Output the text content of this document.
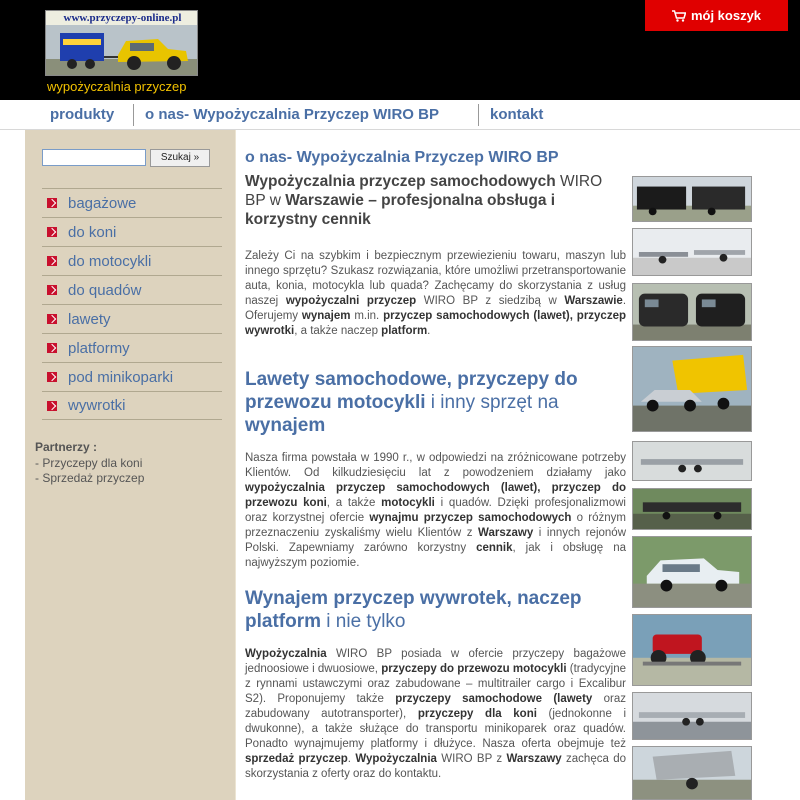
www.przyczepy-online.pl
wypożyczalnia przyczep
mój koszyk
produkty o nas- Wypożyczalnia Przyczep WIRO BP	kontakt
Szukaj »
bagażowe
do koni
do motocykli
do quadów
lawety
platformy
pod minikoparki
wywrotki
Partnerzy :
- Przyczepy dla koni
- Sprzedaż przyczep
o nas- Wypożyczalnia Przyczep WIRO BP
Wypożyczalnia przyczep samochodowych WIRO BP w Warszawie – profesjonalna obsługa i korzystny cennik
Zależy Ci na szybkim i bezpiecznym przewiezieniu towaru, maszyn lub innego sprzętu? Szukasz rozwiązania, które umożliwi przetransportowanie auta, konia, motocykla lub quada? Zachęcamy do skorzystania z usług naszej wypożyczalni przyczep WIRO BP z siedzibą w Warszawie. Oferujemy wynajem m.in. przyczep samochodowych (lawet), przyczep wywrotki, a także naczep platform.
Lawety samochodowe, przyczepy do przewozu motocykli i inny sprzęt na wynajem
Nasza firma powstała w 1990 r., w odpowiedzi na zróżnicowane potrzeby Klientów. Od kilkudziesięciu lat z powodzeniem działamy jako wypożyczalnia przyczep samochodowych (lawet), przyczep do przewozu koni, a także motocykli i quadów. Dzięki profesjonalizmowi oraz korzystnej ofercie wynajmu przyczep samochodowych o różnym przeznaczeniu zyskaliśmy wielu Klientów z Warszawy i innych rejonów Polski. Zapewniamy zarówno korzystny cennik, jak i obsługę na najwyższym poziomie.
Wynajem przyczep wywrotek, naczep platform i nie tylko
Wypożyczalnia WIRO BP posiada w ofercie przyczepy bagażowe jednoosiowe i dwuosiowe, przyczepy do przewozu motocykli (tradycyjne z rynnami ustawczymi oraz zabudowane – multitrailer cargo i Excalibur S2). Proponujemy także przyczepy samochodowe (lawety oraz zabudowany autotransporter), przyczepy dla koni (jednokonne i dwukonne), a także służące do transportu minikoparek oraz quadów. Ponadto wynajmujemy platformy i dłużyce. Nasza oferta obejmuje też sprzedaż przyczep. Wypożyczalnia WIRO BP z Warszawy zachęca do skorzystania z oferty oraz do kontaktu.
